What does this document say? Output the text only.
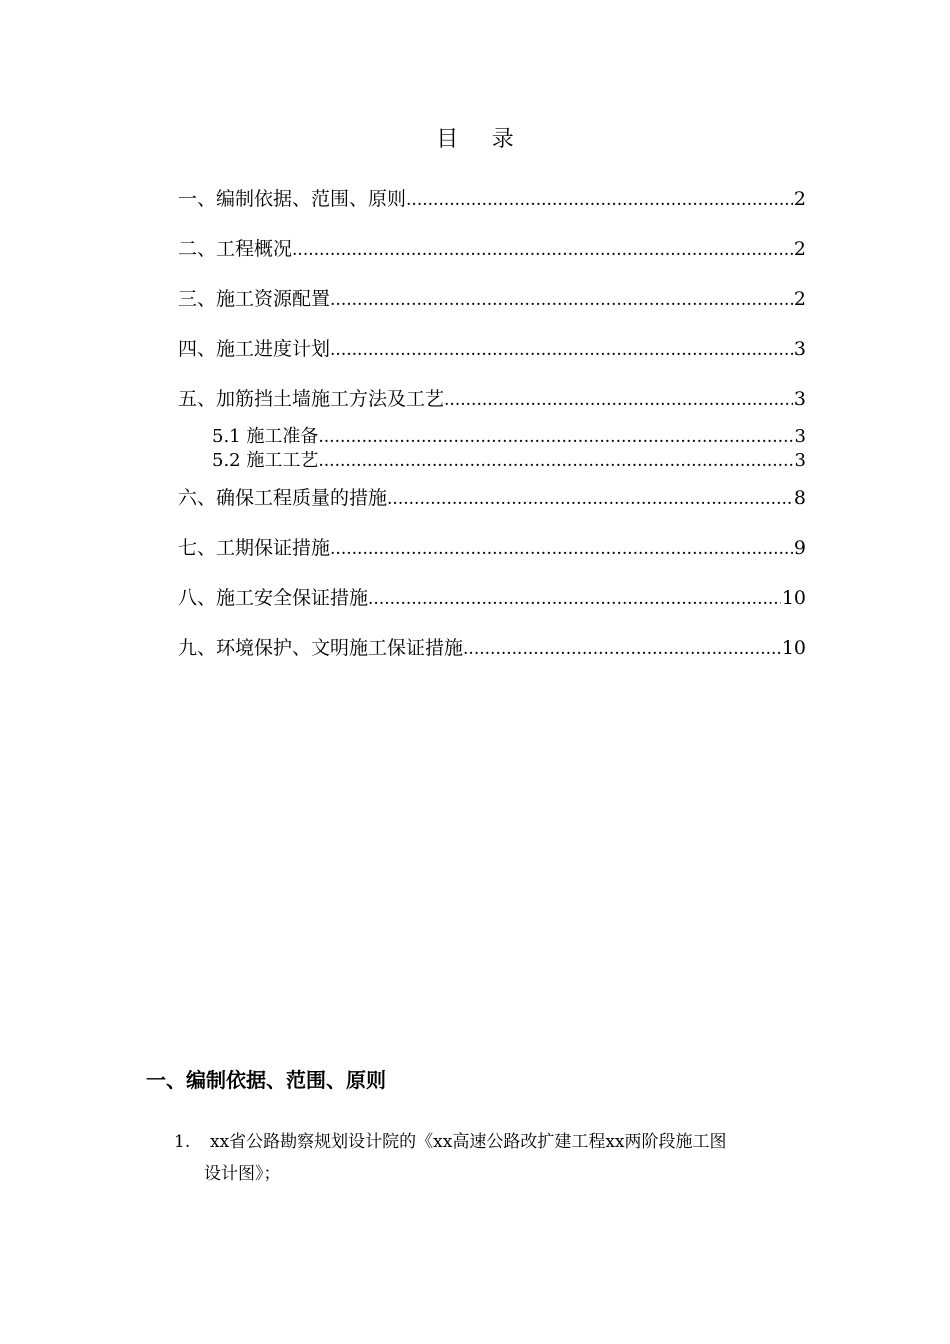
目 录
一、编制依据、范围、原则 .....	2
二、工程概况 .....	2
三、施工资源配置 .....	2
四、施工进度计划 .....	3
五、加筋挡土墙施工方法及工艺 .....	3
5.1 施工准备 .....	3
5.2 施工工艺 .....	3
六、确保工程质量的措施 .....	8
七、工期保证措施 .....	9
八、施工安全保证措施 .....	10
九、环境保护、文明施工保证措施 .....	10
一、编制依据、范围、原则
1. xx省公路勘察规划设计院的《xx高速公路改扩建工程xx两阶段施工图
设计图》；
